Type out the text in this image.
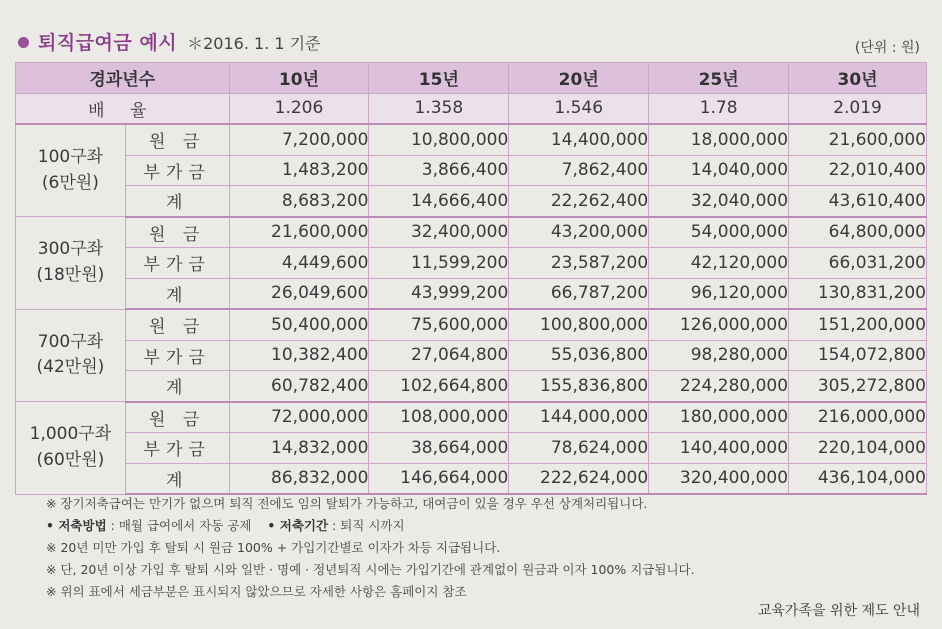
퇴직급여금 예시 ＊2016. 1. 1 기준	(단위 : 원)
경과년수		10년	15년	20년	25년	30년
배 율		1.206	1.358	1.546	1.78	2.019

100구좌
(6만원)	원 금	7,200,000	10,800,000	14,400,000	18,000,000	21,600,000
	부가금	1,483,200	3,866,400	7,862,400	14,040,000	22,010,400
	계	8,683,200	14,666,400	22,262,400	32,040,000	43,610,400

300구좌
(18만원)	원 금	21,600,000	32,400,000	43,200,000	54,000,000	64,800,000
	부가금	4,449,600	11,599,200	23,587,200	42,120,000	66,031,200
	계	26,049,600	43,999,200	66,787,200	96,120,000	130,831,200

700구좌
(42만원)	원 금	50,400,000	75,600,000	100,800,000	126,000,000	151,200,000
	부가금	10,382,400	27,064,800	55,036,800	98,280,000	154,072,800
	계	60,782,400	102,664,800	155,836,800	224,280,000	305,272,800

1,000구좌
(60만원)	원 금	72,000,000	108,000,000	144,000,000	180,000,000	216,000,000
	부가금	14,832,000	38,664,000	78,624,000	140,400,000	220,104,000
	계	86,832,000	146,664,000	222,624,000	320,400,000	436,104,000
※ 장기저축급여는 만기가 없으며 퇴직 전에도 임의 탈퇴가 가능하고, 대여금이 있을 경우 우선 상계처리됩니다.
• 저축방법 : 매월 급여에서 자동 공제 • 저축기간 : 퇴직 시까지
※ 20년 미만 가입 후 탈퇴 시 원금 100% + 가입기간별로 이자가 차등 지급됩니다.
※ 단, 20년 이상 가입 후 탈퇴 시와 일반 · 명예 · 정년퇴직 시에는 가입기간에 관계없이 원금과 이자 100% 지급됩니다.
※ 위의 표에서 세금부분은 표시되지 않았으므로 자세한 사항은 홈페이지 참조
교육가족을 위한 제도 안내
